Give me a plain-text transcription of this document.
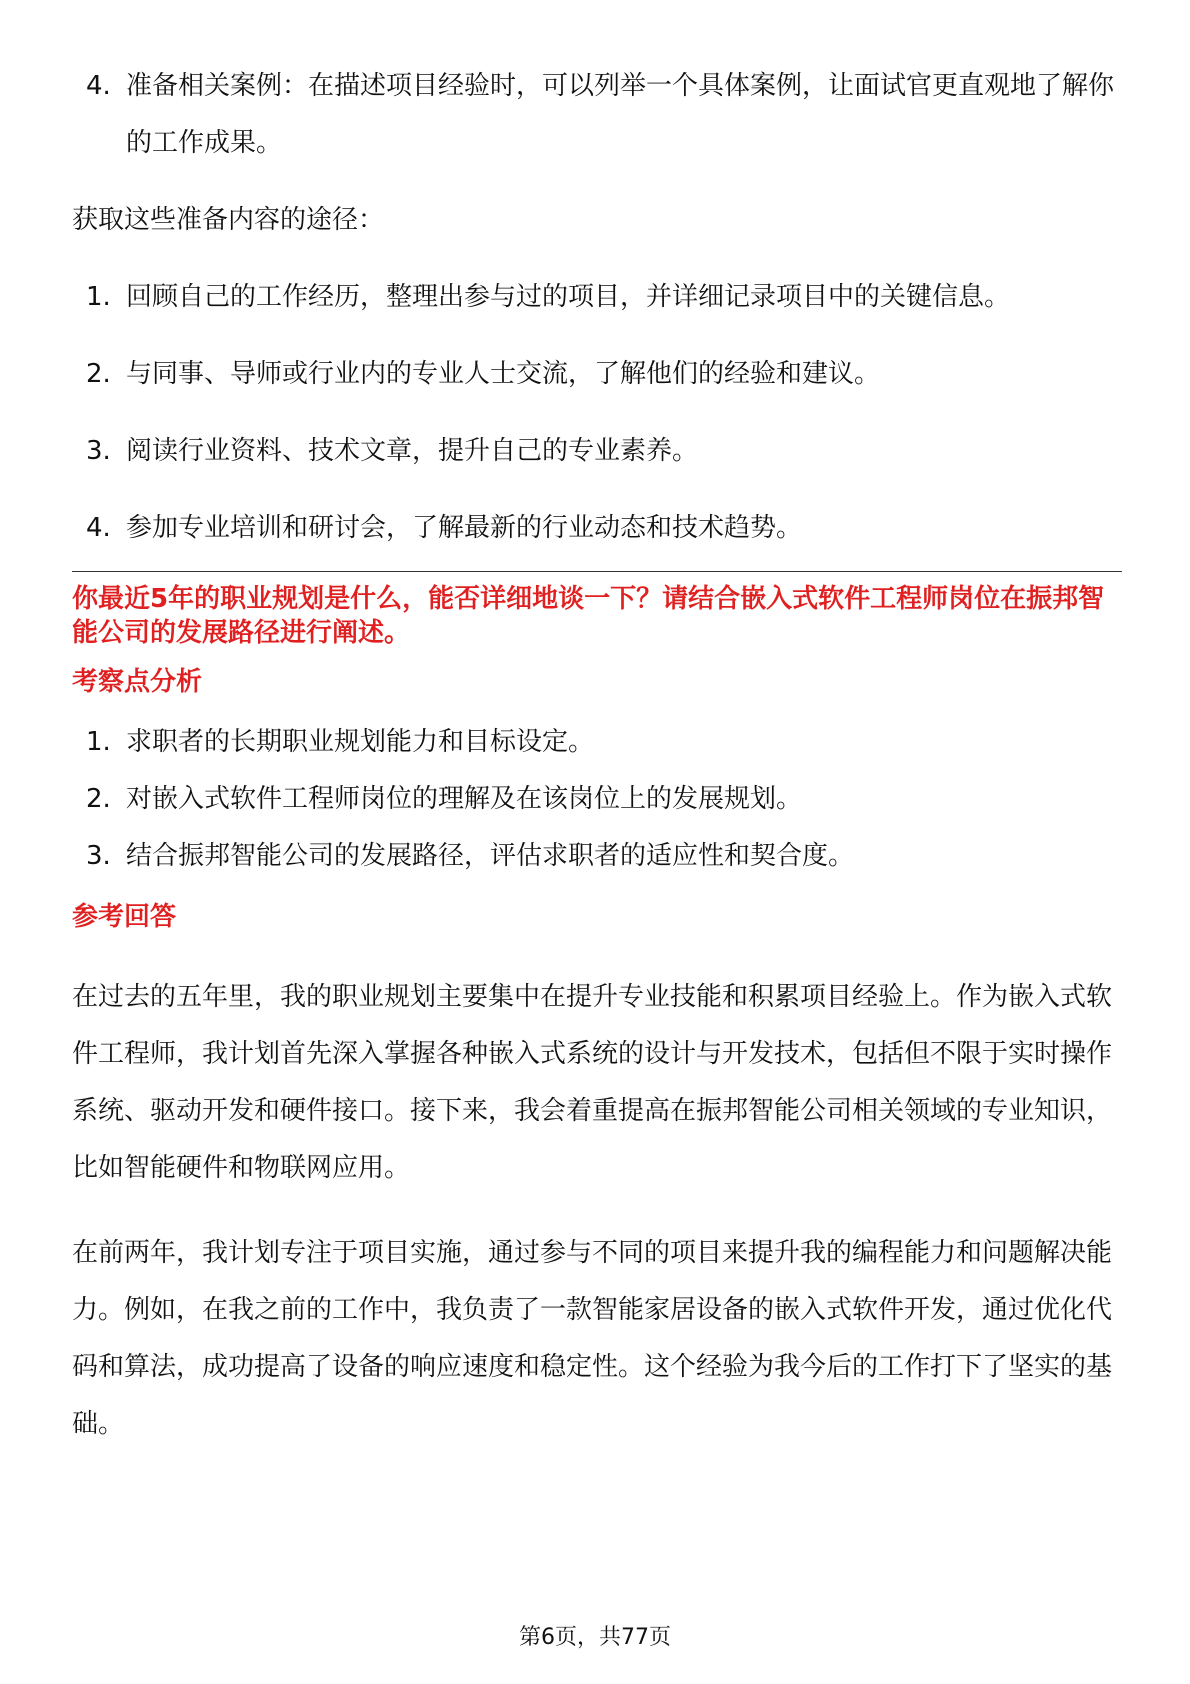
4. 准备相关案例：在描述项目经验时，可以列举一个具体案例，让面试官更直观地了解你的工作成果。

获取这些准备内容的途径：

1. 回顾自己的工作经历，整理出参与过的项目，并详细记录项目中的关键信息。
2. 与同事、导师或行业内的专业人士交流，了解他们的经验和建议。
3. 阅读行业资料、技术文章，提升自己的专业素养。
4. 参加专业培训和研讨会，了解最新的行业动态和技术趋势。

你最近5年的职业规划是什么，能否详细地谈一下？请结合嵌入式软件工程师岗位在振邦智能公司的发展路径进行阐述。

考察点分析
1. 求职者的长期职业规划能力和目标设定。
2. 对嵌入式软件工程师岗位的理解及在该岗位上的发展规划。
3. 结合振邦智能公司的发展路径，评估求职者的适应性和契合度。
参考回答

在过去的五年里，我的职业规划主要集中在提升专业技能和积累项目经验上。作为嵌入式软件工程师，我计划首先深入掌握各种嵌入式系统的设计与开发技术，包括但不限于实时操作系统、驱动开发和硬件接口。接下来，我会着重提高在振邦智能公司相关领域的专业知识，比如智能硬件和物联网应用。

在前两年，我计划专注于项目实施，通过参与不同的项目来提升我的编程能力和问题解决能力。例如，在我之前的工作中，我负责了一款智能家居设备的嵌入式软件开发，通过优化代码和算法，成功提高了设备的响应速度和稳定性。这个经验为我今后的工作打下了坚实的基础。

第6页，共77页
